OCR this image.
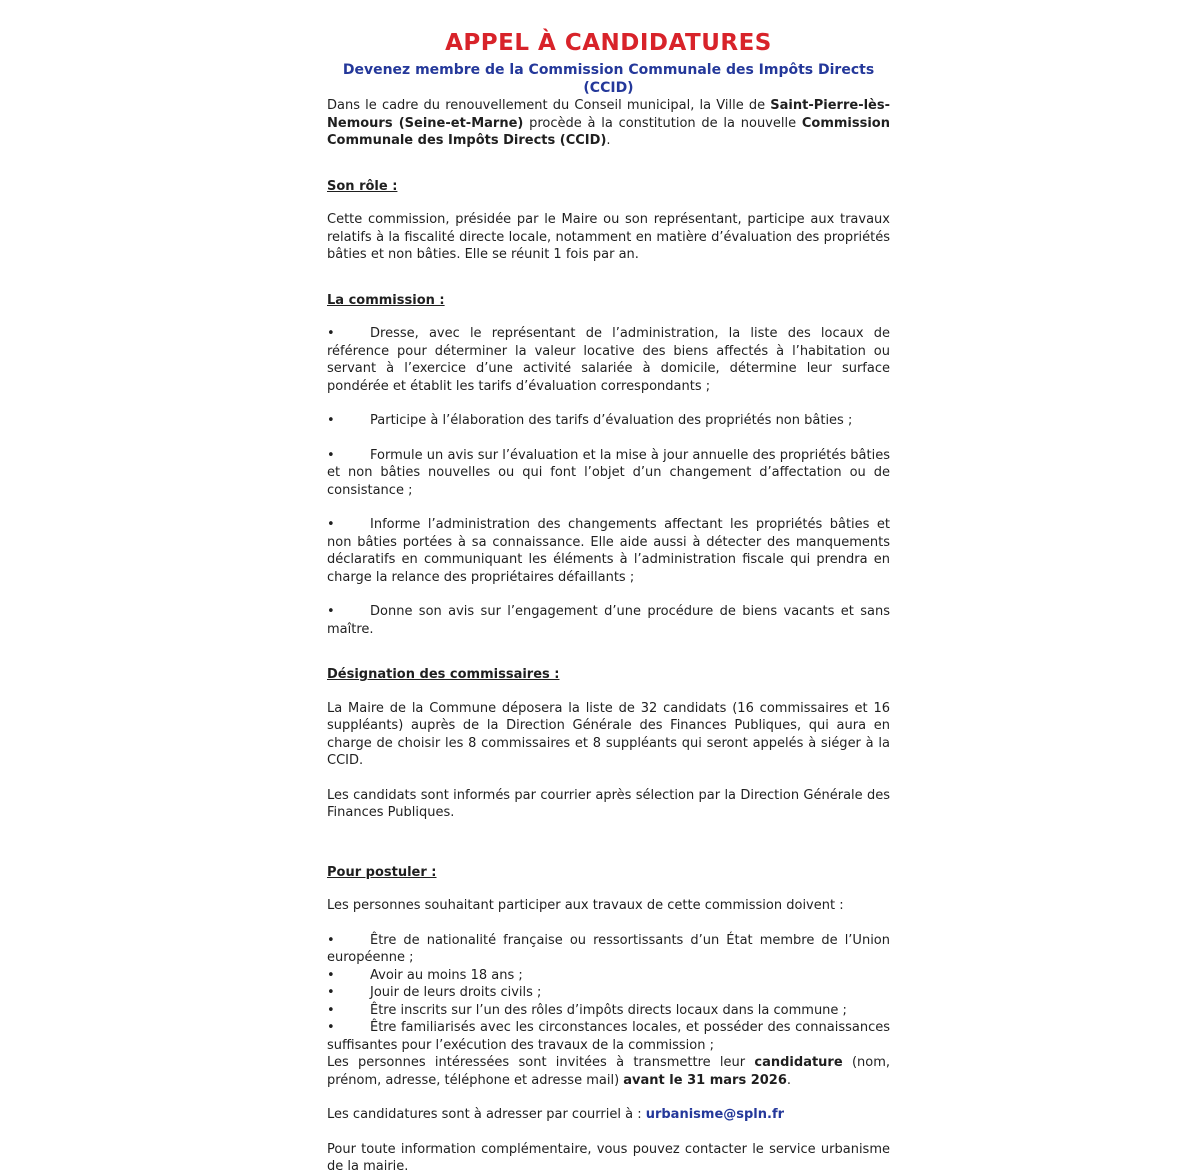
APPEL À CANDIDATURES
Devenez membre de la Commission Communale des Impôts Directs (CCID)

Dans le cadre du renouvellement du Conseil municipal, la Ville de Saint-Pierre-lès-Nemours (Seine-et-Marne) procède à la constitution de la nouvelle Commission Communale des Impôts Directs (CCID).

Son rôle :

Cette commission, présidée par le Maire ou son représentant, participe aux travaux relatifs à la fiscalité directe locale, notamment en matière d’évaluation des propriétés bâties et non bâties. Elle se réunit 1 fois par an.

La commission :

•	Dresse, avec le représentant de l’administration, la liste des locaux de référence pour déterminer la valeur locative des biens affectés à l’habitation ou servant à l’exercice d’une activité salariée à domicile, détermine leur surface pondérée et établit les tarifs d’évaluation correspondants ;

•	Participe à l’élaboration des tarifs d’évaluation des propriétés non bâties ;

•	Formule un avis sur l’évaluation et la mise à jour annuelle des propriétés bâties et non bâties nouvelles ou qui font l’objet d’un changement d’affectation ou de consistance ;

•	Informe l’administration des changements affectant les propriétés bâties et non bâties portées à sa connaissance. Elle aide aussi à détecter des manquements déclaratifs en communiquant les éléments à l’administration fiscale qui prendra en charge la relance des propriétaires défaillants ;

•	Donne son avis sur l’engagement d’une procédure de biens vacants et sans maître.

Désignation des commissaires :

La Maire de la Commune déposera la liste de 32 candidats (16 commissaires et 16 suppléants) auprès de la Direction Générale des Finances Publiques, qui aura en charge de choisir les 8 commissaires et 8 suppléants qui seront appelés à siéger à la CCID.

Les candidats sont informés par courrier après sélection par la Direction Générale des Finances Publiques.

Pour postuler :

Les personnes souhaitant participer aux travaux de cette commission doivent :

•	Être de nationalité française ou ressortissants d’un État membre de l’Union européenne ;

•	Avoir au moins 18 ans ;

•	Jouir de leurs droits civils ;

•	Être inscrits sur l’un des rôles d’impôts directs locaux dans la commune ;

•	Être familiarisés avec les circonstances locales, et posséder des connaissances suffisantes pour l’exécution des travaux de la commission ;

Les personnes intéressées sont invitées à transmettre leur candidature (nom, prénom, adresse, téléphone et adresse mail) avant le 31 mars 2026.

Les candidatures sont à adresser par courriel à : urbanisme@spln.fr

Pour toute information complémentaire, vous pouvez contacter le service urbanisme de la mairie.
